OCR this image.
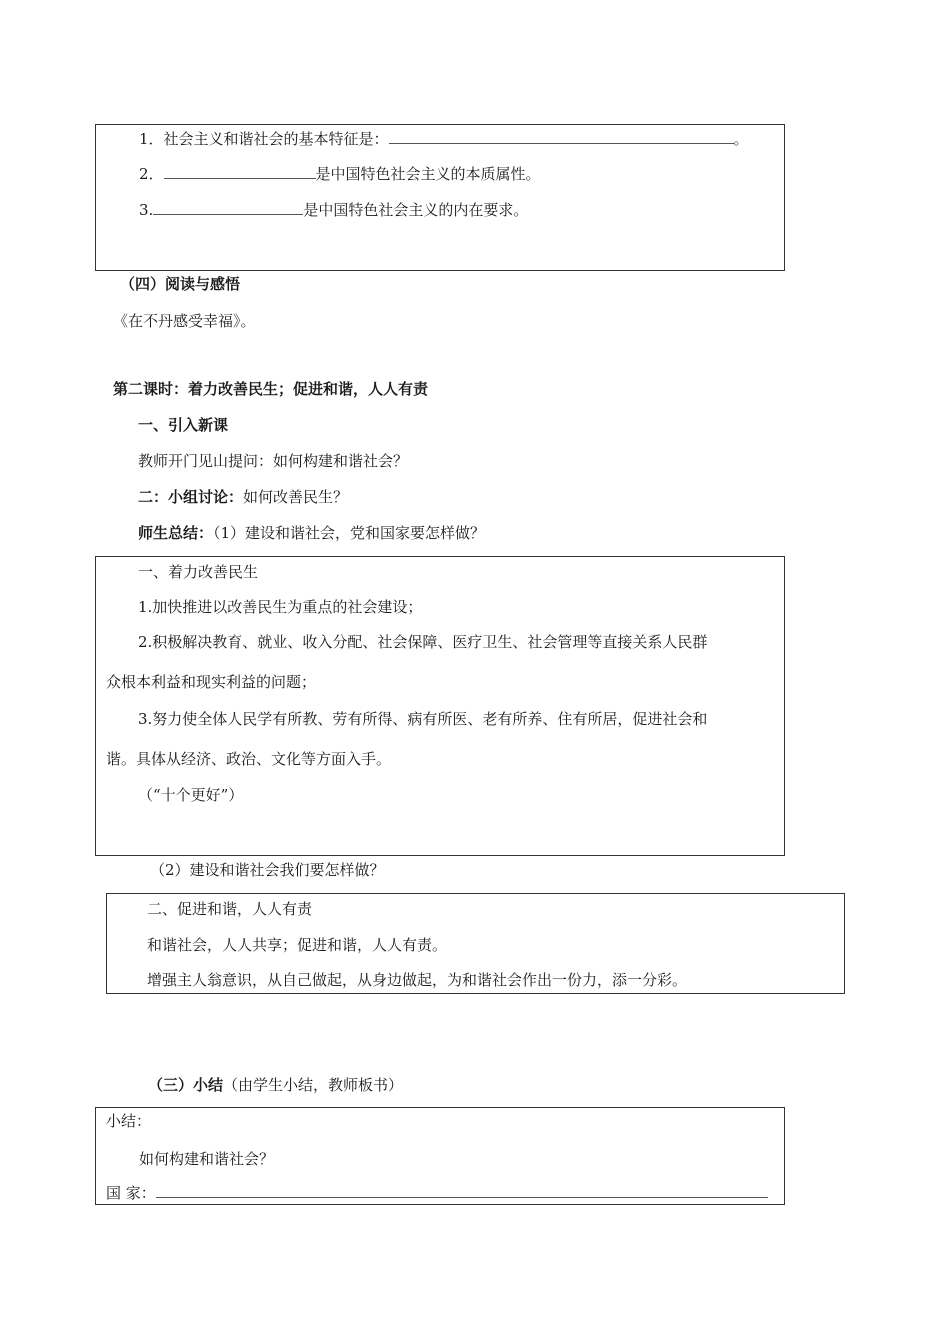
1．社会主义和谐社会的基本特征是：	。
2．	是中国特色社会主义的本质属性。
3.	是中国特色社会主义的内在要求。
（四）阅读与感悟
《在不丹感受幸福》。
第二课时：着力改善民生；促进和谐，人人有责
一、引入新课
教师开门见山提问：如何构建和谐社会？
二：小组讨论：如何改善民生？
师生总结：（1）建设和谐社会，党和国家要怎样做？
一、着力改善民生
1.加快推进以改善民生为重点的社会建设；
2.积极解决教育、就业、收入分配、社会保障、医疗卫生、社会管理等直接关系人民群
众根本利益和现实利益的问题；
3.努力使全体人民学有所教、劳有所得、病有所医、老有所养、住有所居，促进社会和
谐。具体从经济、政治、文化等方面入手。
（“十个更好”）
（2）建设和谐社会我们要怎样做？
二、促进和谐，人人有责
和谐社会，人人共享；促进和谐，人人有责。
增强主人翁意识，从自己做起，从身边做起，为和谐社会作出一份力，添一分彩。
（三）小结（由学生小结，教师板书）
小结：
如何构建和谐社会？
国 家：
